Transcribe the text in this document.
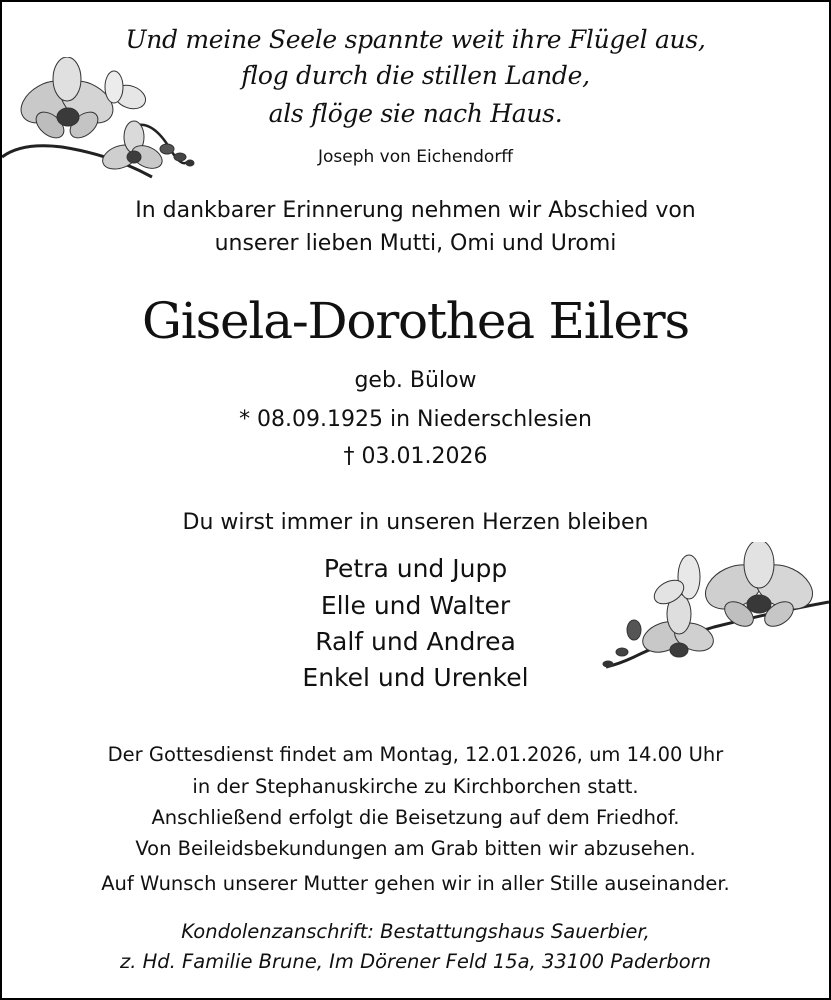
Und meine Seele spannte weit ihre Flügel aus,
flog durch die stillen Lande,
als flöge sie nach Haus.
Joseph von Eichendorff
In dankbarer Erinnerung nehmen wir Abschied von
unserer lieben Mutti, Omi und Uromi
Gisela-Dorothea Eilers
geb. Bülow
* 08.09.1925 in Niederschlesien
† 03.01.2026
Du wirst immer in unseren Herzen bleiben
Petra und Jupp
Elle und Walter
Ralf und Andrea
Enkel und Urenkel
Der Gottesdienst findet am Montag, 12.01.2026, um 14.00 Uhr
in der Stephanuskirche zu Kirchborchen statt.
Anschließend erfolgt die Beisetzung auf dem Friedhof.
Von Beileidsbekundungen am Grab bitten wir abzusehen.
Auf Wunsch unserer Mutter gehen wir in aller Stille auseinander.
Kondolenzanschrift: Bestattungshaus Sauerbier,
z. Hd. Familie Brune, Im Dörener Feld 15a, 33100 Paderborn
